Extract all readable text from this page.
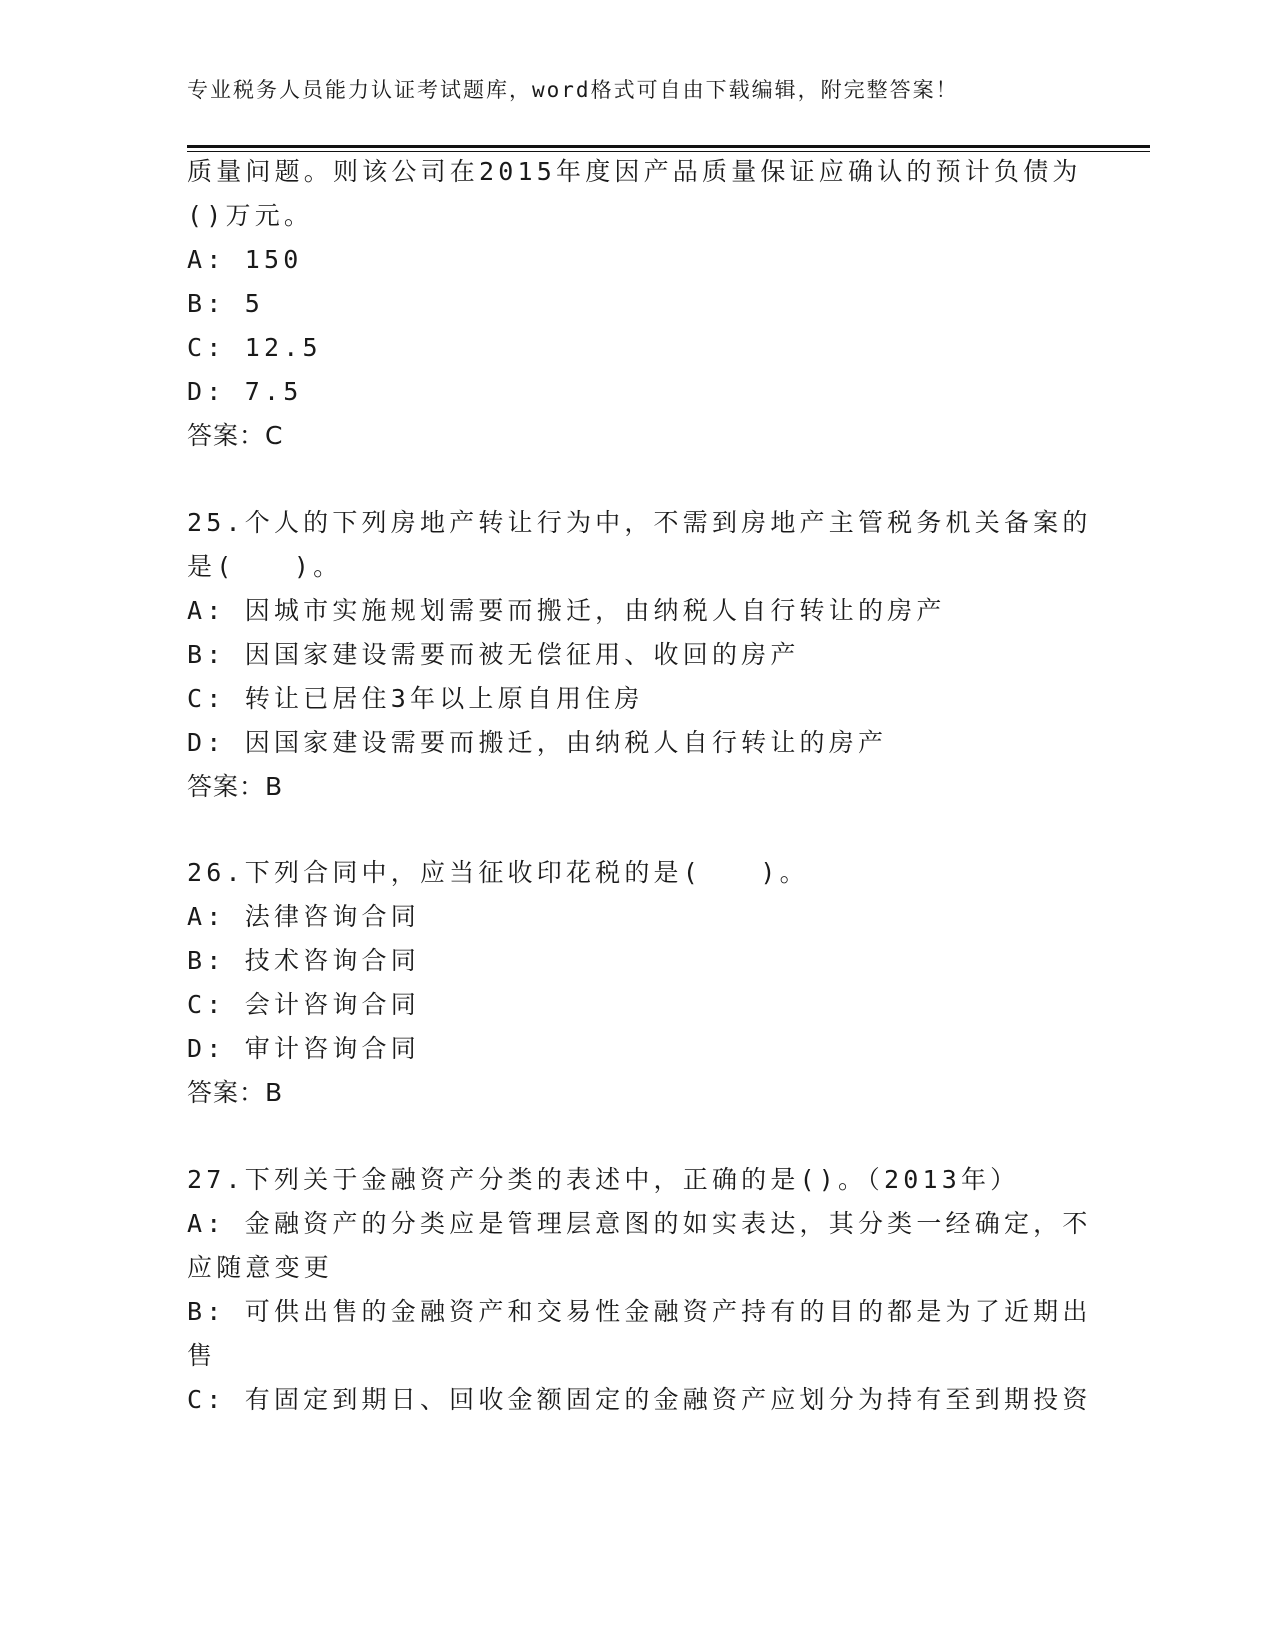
专业税务人员能力认证考试题库，word格式可自由下载编辑，附完整答案！
质量问题。则该公司在2015年度因产品质量保证应确认的预计负债为
()万元。
A: 150
B: 5
C: 12.5
D: 7.5
答案：C
25.个人的下列房地产转让行为中，不需到房地产主管税务机关备案的
是(　　)。
A: 因城市实施规划需要而搬迁，由纳税人自行转让的房产
B: 因国家建设需要而被无偿征用、收回的房产
C: 转让已居住3年以上原自用住房
D: 因国家建设需要而搬迁，由纳税人自行转让的房产
答案：B
26.下列合同中，应当征收印花税的是(　　)。
A: 法律咨询合同
B: 技术咨询合同
C: 会计咨询合同
D: 审计咨询合同
答案：B
27.下列关于金融资产分类的表述中，正确的是()。（2013年）
A: 金融资产的分类应是管理层意图的如实表达，其分类一经确定，不
应随意变更
B: 可供出售的金融资产和交易性金融资产持有的目的都是为了近期出
售
C: 有固定到期日、回收金额固定的金融资产应划分为持有至到期投资
